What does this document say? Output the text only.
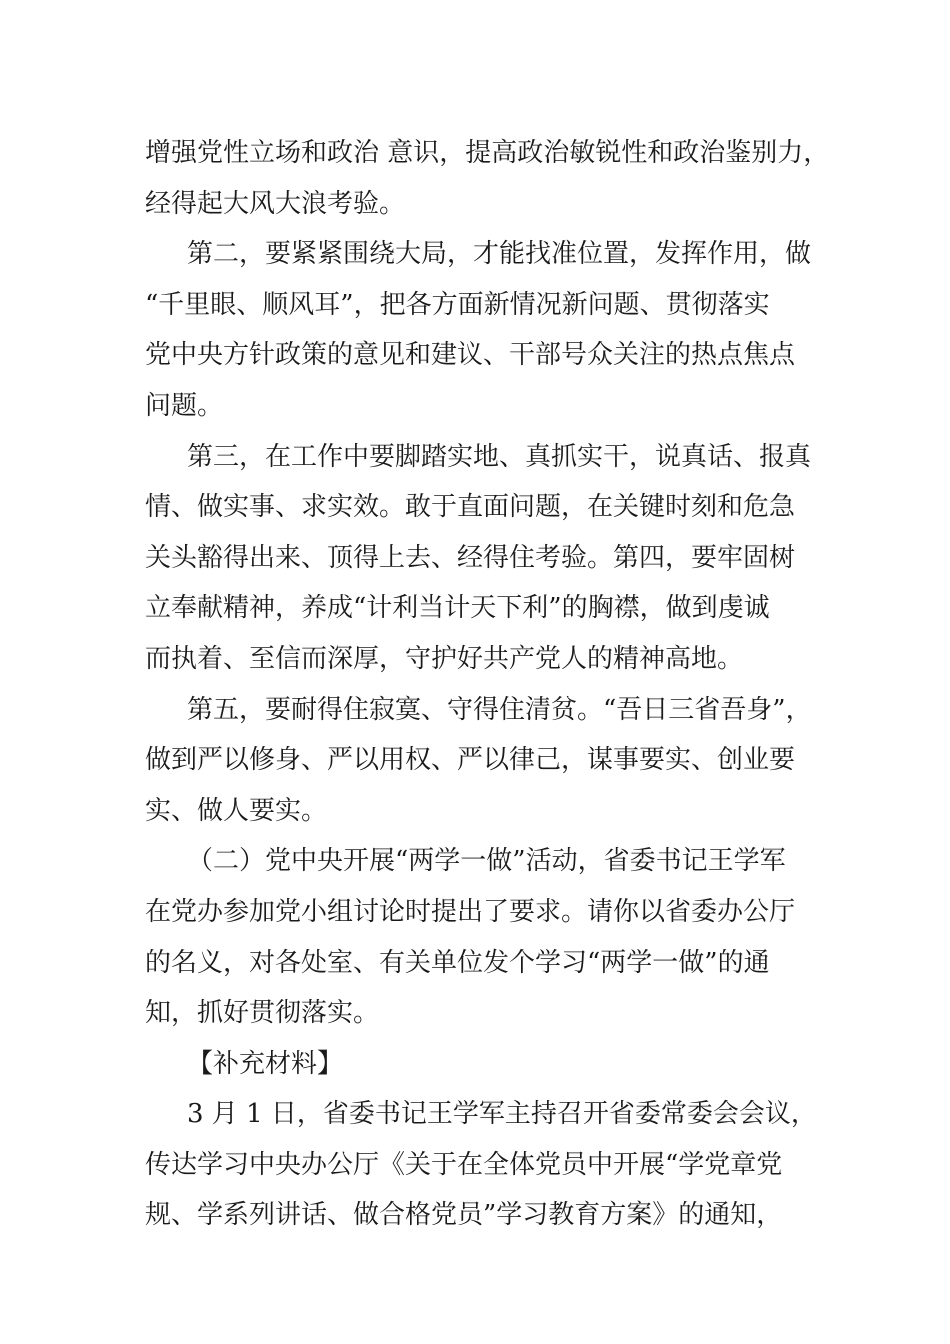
增强党性立场和政治 意识，提高政治敏锐性和政治鉴别力，
经得起大风大浪考验。
第二，要紧紧围绕大局，才能找准位置，发挥作用，做
“千里眼、顺风耳”，把各方面新情况新问题、贯彻落实
党中央方针政策的意见和建议、干部号众关注的热点焦点
问题。
第三，在工作中要脚踏实地、真抓实干，说真话、报真
情、做实事、求实效。敢于直面问题，在关键时刻和危急
关头豁得出来、顶得上去、经得住考验。第四，要牢固树
立奉献精神，养成“计利当计天下利”的胸襟，做到虔诚
而执着、至信而深厚，守护好共产党人的精神高地。
第五，要耐得住寂寞、守得住清贫。“吾日三省吾身”，
做到严以修身、严以用权、严以律己，谋事要实、创业要
实、做人要实。
（二）党中央开展“两学一做”活动，省委书记王学军
在党办参加党小组讨论时提出了要求。请你以省委办公厅
的名义，对各处室、有关单位发个学习“两学一做”的通
知，抓好贯彻落实。
【补充材料】
3 月 1 日，省委书记王学军主持召开省委常委会会议，
传达学习中央办公厅《关于在全体党员中开展“学党章党
规、学系列讲话、做合格党员”学习教育方案》的通知，
